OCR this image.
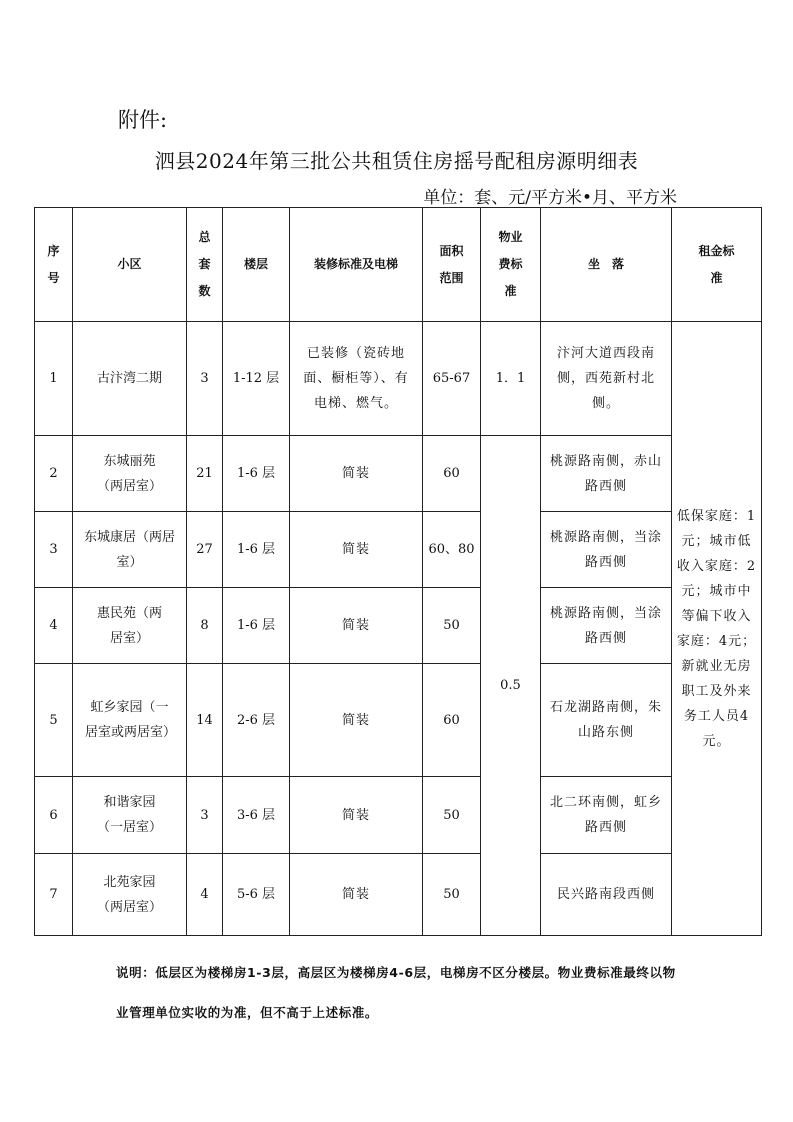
附件:
泗县2024年第三批公共租赁住房摇号配租房源明细表
单位：套、元/平方米•月、平方米
序号	小区	总套数	楼层	装修标准及电梯	面积范围	物业费标准	坐　落	租金标准
1	古汴湾二期	3	1-12 层	已装修（瓷砖地面、橱柜等）、有电梯、燃气。	65-67	1．1	汴河大道西段南侧，西苑新村北侧。	低保家庭：1元；城市低收入家庭：2元；城市中等偏下收入家庭：4元；新就业无房职工及外来务工人员4元。
2	东城丽苑（两居室）	21	1-6 层	简装	60	0.5	桃源路南侧，赤山路西侧	
3	东城康居（两居室）	27	1-6 层	简装	60、80		桃源路南侧，当涂路西侧	
4	惠民苑（两居室）	8	1-6 层	简装	50		桃源路南侧，当涂路西侧	
5	虹乡家园（一居室或两居室）	14	2-6 层	简装	60		石龙湖路南侧，朱山路东侧	
6	和谐家园（一居室）	3	3-6 层	简装	50		北二环南侧，虹乡路西侧	
7	北苑家园（两居室）	4	5-6 层	简装	50		民兴路南段西侧	
说明：低层区为楼梯房1-3层，高层区为楼梯房4-6层，电梯房不区分楼层。物业费标准最终以物业管理单位实收的为准，但不高于上述标准。
